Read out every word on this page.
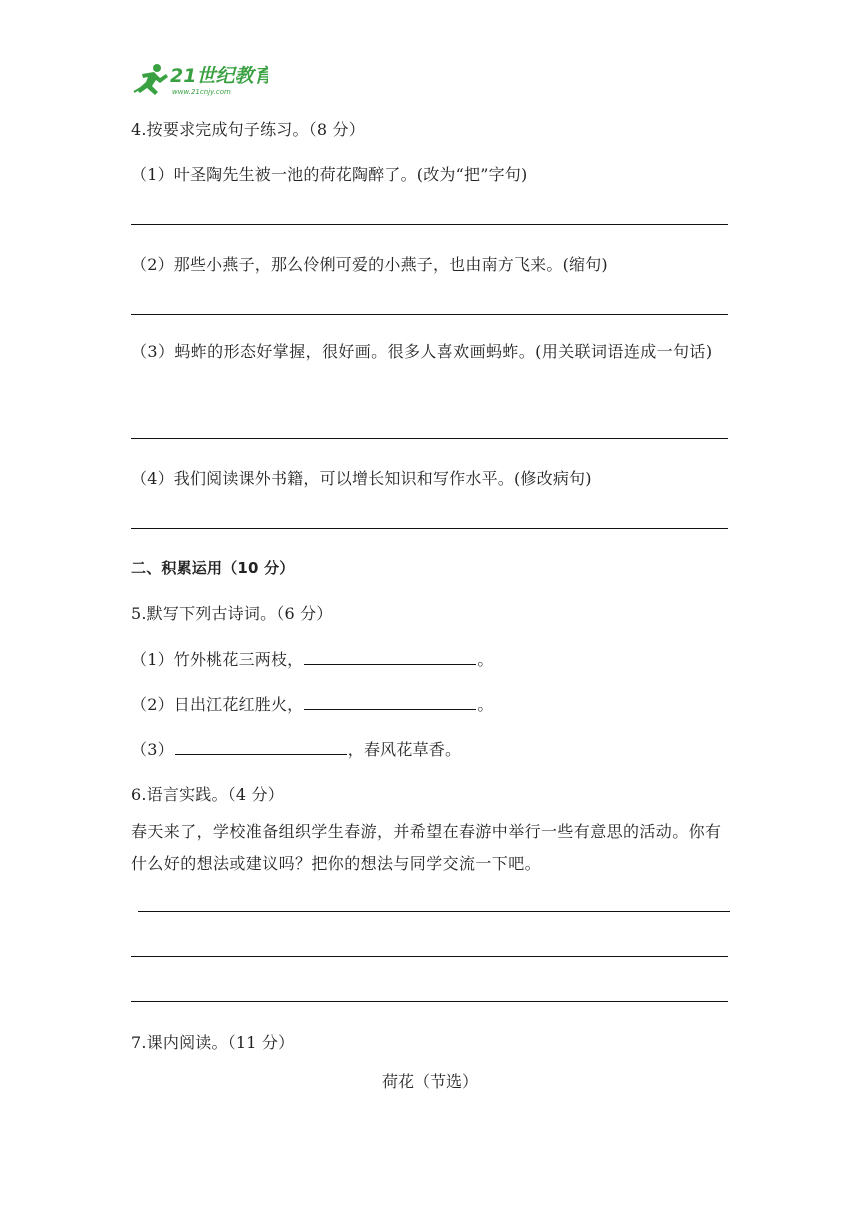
21世纪教育
www.21cnjy.com
4.按要求完成句子练习。（8 分）
（1）叶圣陶先生被一池的荷花陶醉了。(改为“把”字句)
（2）那些小燕子，那么伶俐可爱的小燕子，也由南方飞来。(缩句)
（3）蚂蚱的形态好掌握，很好画。很多人喜欢画蚂蚱。(用关联词语连成一句话)
（4）我们阅读课外书籍，可以增长知识和写作水平。(修改病句)
二、积累运用（10 分）
5.默写下列古诗词。（6 分）
（1）竹外桃花三两枝，	。
（2）日出江花红胜火，	。
（3）	，春风花草香。
6.语言实践。（4 分）
春天来了，学校准备组织学生春游，并希望在春游中举行一些有意思的活动。你有什么好的想法或建议吗？把你的想法与同学交流一下吧。
7.课内阅读。（11 分）
荷花（节选）
